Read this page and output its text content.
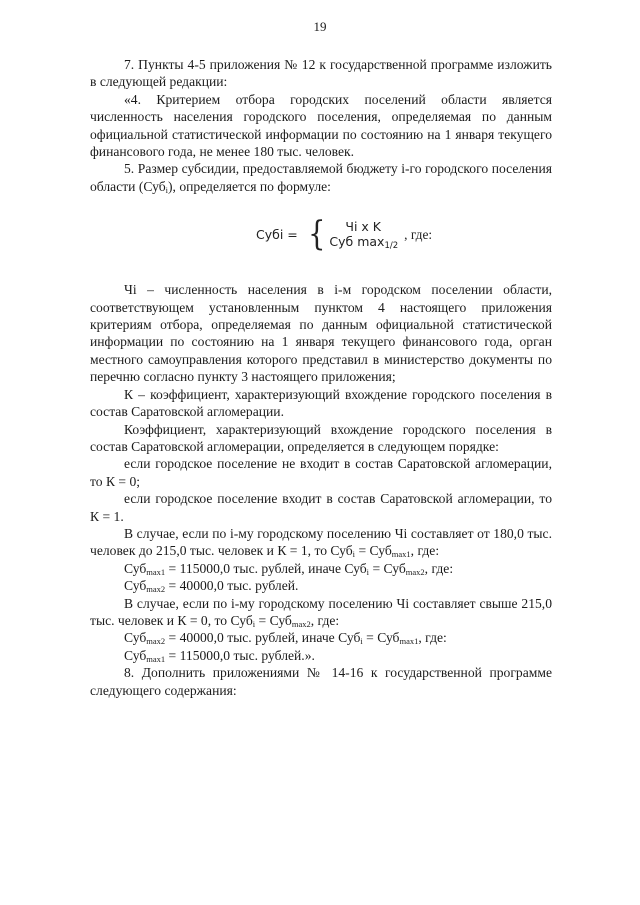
19

7. Пункты 4-5 приложения № 12 к государственной программе изложить в следующей редакции:

«4. Критерием отбора городских поселений области является численность населения городского поселения, определяемая по данным официальной статистической информации по состоянию на 1 января текущего финансового года, не менее 180 тыс. человек.

5. Размер субсидии, предоставляемой бюджету i-го городского поселения области (Суб$_i$), определяется по формуле:

Субi = {	Чi x K
Суб $\max_{1/2}$
, где:

Чi – численность населения в i-м городском поселении области, соответствующем установленным пунктом 4 настоящего приложения критериям отбора, определяемая по данным официальной статистической информации по состоянию на 1 января текущего финансового года, орган местного самоуправления которого представил в министерство документы по перечню согласно пункту 3 настоящего приложения;

К – коэффициент, характеризующий вхождение городского поселения в состав Саратовской агломерации.

Коэффициент, характеризующий вхождение городского поселения в состав Саратовской агломерации, определяется в следующем порядке:

если городское поселение не входит в состав Саратовской агломерации, то К = 0;

если городское поселение входит в состав Саратовской агломерации, то К = 1.

В случае, если по i-му городскому поселению Чi составляет от 180,0 тыс. человек до 215,0 тыс. человек и К = 1, то Суб$_i$ = Суб$_{max1}$, где:

Суб$_{max1}$ = 115000,0 тыс. рублей, иначе Суб$_i$ = Суб$_{max2}$, где:

Суб$_{max2}$ = 40000,0 тыс. рублей.

В случае, если по i-му городскому поселению Чi составляет свыше 215,0 тыс. человек и К = 0, то Суб$_i$ = Суб$_{max2}$, где:

Суб$_{max2}$ = 40000,0 тыс. рублей, иначе Суб$_i$ = Суб$_{max1}$, где:

Суб$_{max1}$ = 115000,0 тыс. рублей.».

8. Дополнить приложениями № 14-16 к государственной программе следующего содержания:
